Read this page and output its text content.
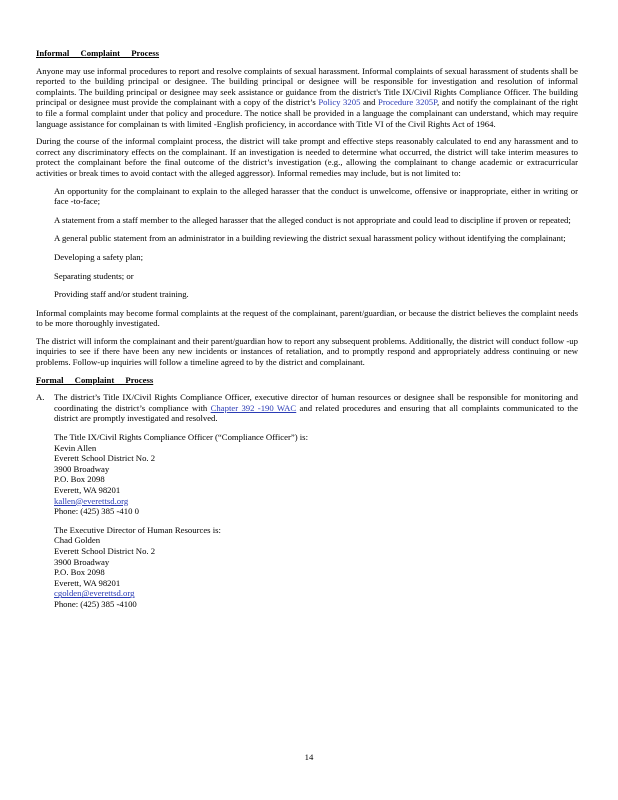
Informal Complaint Process

Anyone may use informal procedures to report and resolve complaints of sexual harassment. Informal complaints of sexual harassment of students shall be reported to the building principal or designee. The building principal or designee will be responsible for investigation and resolution of informal complaints. The building principal or designee may seek assistance or guidance from the district's Title IX/Civil Rights Compliance Officer. The building principal or designee must provide the complainant with a copy of the district’s Policy 3205 and Procedure 3205P, and notify the complainant of the right to file a formal complaint under that policy and procedure. The notice shall be provided in a language the complainant can understand, which may require language assistance for complainan ts with limited -English proficiency, in accordance with Title VI of the Civil Rights Act of 1964.

During the course of the informal complaint process, the district will take prompt and effective steps reasonably calculated to end any harassment and to correct any discriminatory effects on the complainant. If an investigation is needed to determine what occurred, the district will take interim measures to protect the complainant before the final outcome of the district’s investigation (e.g., allowing the complainant to change academic or extracurricular activities or break times to avoid contact with the alleged aggressor). Informal remedies may include, but is not limited to:

An opportunity for the complainant to explain to the alleged harasser that the conduct is unwelcome, offensive or inappropriate, either in writing or face -to-face;
A statement from a staff member to the alleged harasser that the alleged conduct is not appropriate and could lead to discipline if proven or repeated;
A general public statement from an administrator in a building reviewing the district sexual harassment policy without identifying the complainant;
Developing a safety plan;
Separating students; or
Providing staff and/or student training.

Informal complaints may become formal complaints at the request of the complainant, parent/guardian, or because the district believes the complaint needs to be more thoroughly investigated.

The district will inform the complainant and their parent/guardian how to report any subsequent problems. Additionally, the district will conduct follow -up inquiries to see if there have been any new incidents or instances of retaliation, and to promptly respond and appropriately address continuing or new problems. Follow-up inquiries will follow a timeline agreed to by the district and complainant.

Formal Complaint Process
A. The district’s Title IX/Civil Rights Compliance Officer, executive director of human resources or designee shall be responsible for monitoring and coordinating the district’s compliance with Chapter 392 -190 WAC and related procedures and ensuring that all complaints communicated to the district are promptly investigated and resolved.
The Title IX/Civil Rights Compliance Officer (“Compliance Officer”) is:
Kevin Allen
Everett School District No. 2
3900 Broadway
P.O. Box 2098
Everett, WA 98201
kallen@everettsd.org
Phone: (425) 385 -410 0
The Executive Director of Human Resources is:
Chad Golden
Everett School District No. 2
3900 Broadway
P.O. Box 2098
Everett, WA 98201
cgolden@everettsd.org
Phone: (425) 385 -4100
14
